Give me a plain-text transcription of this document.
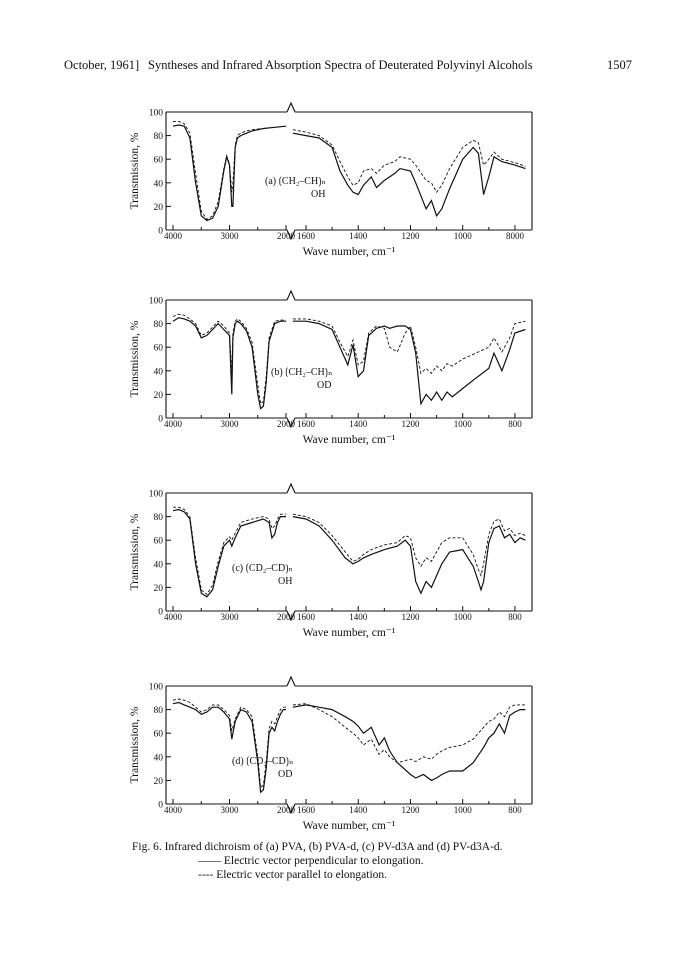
October, 1961] Syntheses and Infrared Absorption Spectra of Deuterated Polyvinyl Alcohols	1507
0
20
40
60
80
100
Transmission, %
4000	3000	2000 1600	1400	1200	1000	8000
Wave number, cm⁻¹
(a) ⟮CH₂–CH⟯ₙ
OH
0
20
40
60
80
100
Transmission, %
4000	3000	2000 1600	1400	1200	1000	800
Wave number, cm⁻¹
(b) ⟮CH₂–CH⟯ₙ
OD
0
20
40
60
80
100
Transmission, %
4000	3000	2000 1600	1400	1200	1000	800
Wave number, cm⁻¹
(c) ⟮CD₂–CD⟯ₙ
OH
0
20
40
60
80
100
Transmission, %
4000	3000	2000 1600	1400	1200	1000	800
Wave number, cm⁻¹
(d) ⟮CD₂–CD⟯ₙ
OD
Fig. 6. Infrared dichroism of (a) PVA, (b) PVA-d, (c) PV-d3A and (d) PV-d3A-d.
—— Electric vector perpendicular to elongation.
---- Electric vector parallel to elongation.
